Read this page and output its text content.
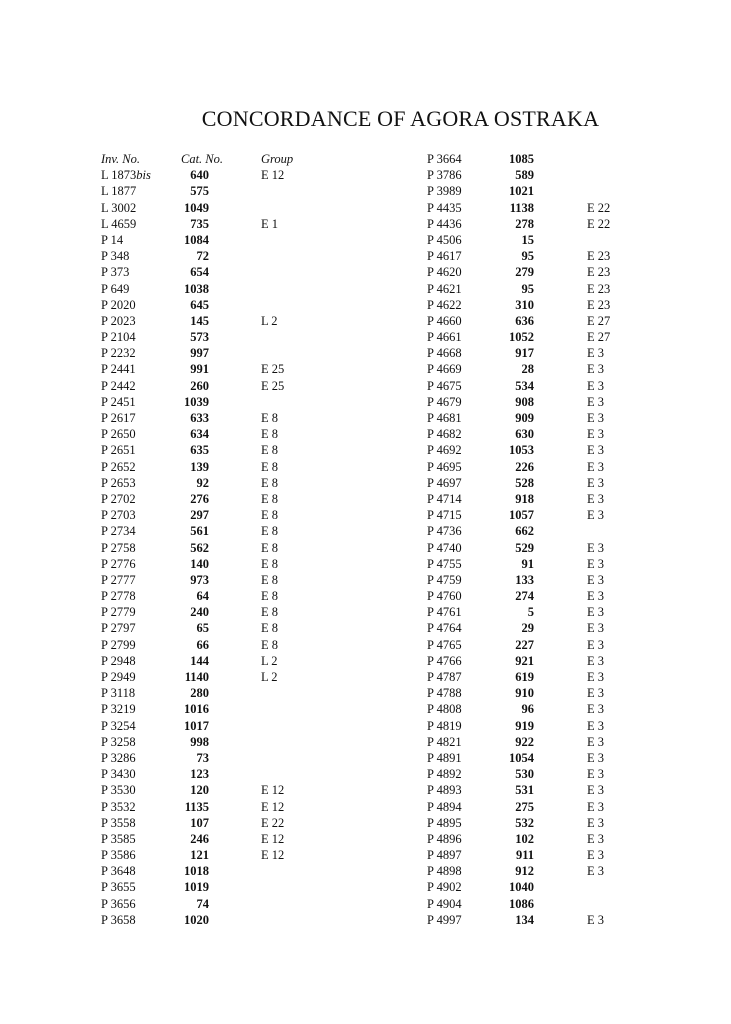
CONCORDANCE OF AGORA OSTRAKA
Inv. No.	Cat. No.	Group
L 1873bis	640	E 12
L 1877	575
L 3002	1049
L 4659	735	E 1
P 14	1084
P 348	72
P 373	654
P 649	1038
P 2020	645
P 2023	145	L 2
P 2104	573
P 2232	997
P 2441	991	E 25
P 2442	260	E 25
P 2451	1039
P 2617	633	E 8
P 2650	634	E 8
P 2651	635	E 8
P 2652	139	E 8
P 2653	92	E 8
P 2702	276	E 8
P 2703	297	E 8
P 2734	561	E 8
P 2758	562	E 8
P 2776	140	E 8
P 2777	973	E 8
P 2778	64	E 8
P 2779	240	E 8
P 2797	65	E 8
P 2799	66	E 8
P 2948	144	L 2
P 2949	1140	L 2
P 3118	280
P 3219	1016
P 3254	1017
P 3258	998
P 3286	73
P 3430	123
P 3530	120	E 12
P 3532	1135	E 12
P 3558	107	E 22
P 3585	246	E 12
P 3586	121	E 12
P 3648	1018
P 3655	1019
P 3656	74
P 3658	1020
P 3664	1085
P 3786	589
P 3989	1021
P 4435	1138	E 22
P 4436	278	E 22
P 4506	15
P 4617	95	E 23
P 4620	279	E 23
P 4621	95	E 23
P 4622	310	E 23
P 4660	636	E 27
P 4661	1052	E 27
P 4668	917	E 3
P 4669	28	E 3
P 4675	534	E 3
P 4679	908	E 3
P 4681	909	E 3
P 4682	630	E 3
P 4692	1053	E 3
P 4695	226	E 3
P 4697	528	E 3
P 4714	918	E 3
P 4715	1057	E 3
P 4736	662
P 4740	529	E 3
P 4755	91	E 3
P 4759	133	E 3
P 4760	274	E 3
P 4761	5	E 3
P 4764	29	E 3
P 4765	227	E 3
P 4766	921	E 3
P 4787	619	E 3
P 4788	910	E 3
P 4808	96	E 3
P 4819	919	E 3
P 4821	922	E 3
P 4891	1054	E 3
P 4892	530	E 3
P 4893	531	E 3
P 4894	275	E 3
P 4895	532	E 3
P 4896	102	E 3
P 4897	911	E 3
P 4898	912	E 3
P 4902	1040
P 4904	1086
P 4997	134	E 3
